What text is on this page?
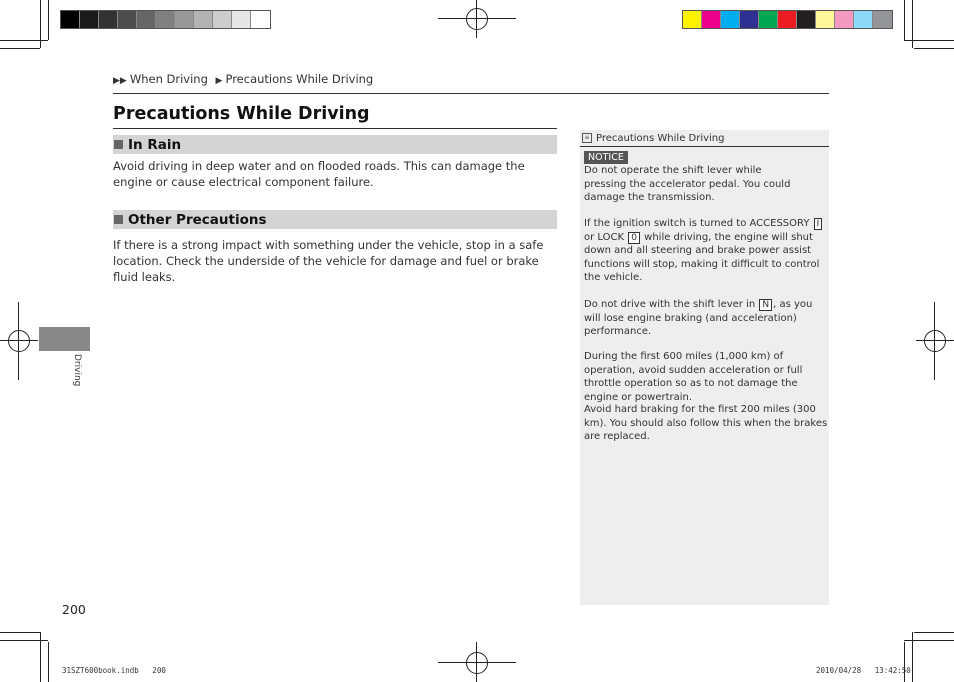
▶▶ When Driving ▶ Precautions While Driving
Precautions While Driving
In Rain
Avoid driving in deep water and on flooded roads. This can damage the engine or cause electrical component failure.
Other Precautions
If there is a strong impact with something under the vehicle, stop in a safe location. Check the underside of the vehicle for damage and fuel or brake fluid leaks.
≡ Precautions While Driving
NOTICE
Do not operate the shift lever while pressing the accelerator pedal. You could damage the transmission.
If the ignition switch is turned to ACCESSORY I or LOCK 0 while driving, the engine will shut down and all steering and brake power assist functions will stop, making it difficult to control the vehicle.
Do not drive with the shift lever in N , as you will lose engine braking (and acceleration) performance.
During the first 600 miles (1,000 km) of operation, avoid sudden acceleration or full throttle operation so as to not damage the engine or powertrain.
Avoid hard braking for the first 200 miles (300 km). You should also follow this when the brakes are replaced.
Driving
200
31SZT600book.indb   200	2010/04/28   13:42:50
